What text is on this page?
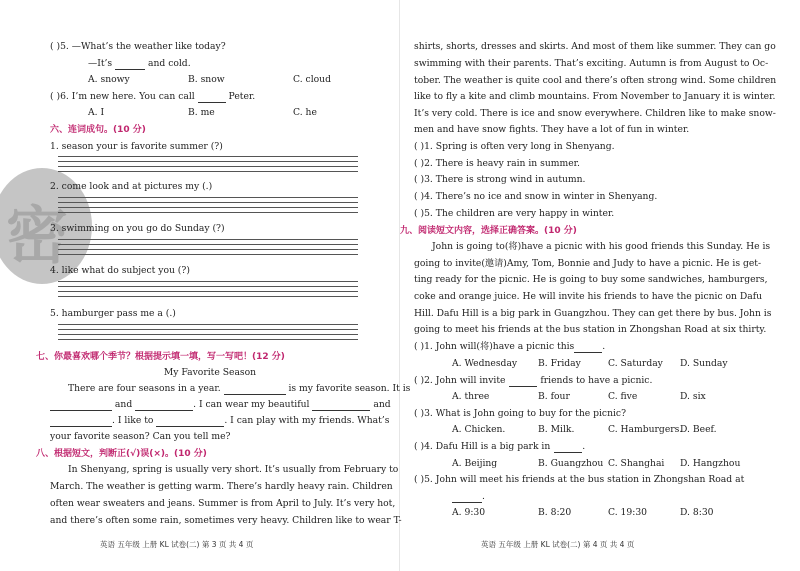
密
( )5. —What’s the weather like today?
—It’s	and cold.
A. snowy	B. snow	C. cloud
( )6. I’m new here. You can call	Peter.
A. I	B. me	C. he
六、连词成句。(10 分)
1. season your is favorite summer (?)
2. come look and at pictures my (.)
3. swimming on you go do Sunday (?)
4. like what do subject you (?)
5. hamburger pass me a (.)
七、你最喜欢哪个季节？根据提示填一填，写一写吧！(12 分)
My Favorite Season
There are four seasons in a year.	is my favorite season. It is
and	. I can wear my beautiful	and
. I like to	. I can play with my friends. What’s
your favorite season? Can you tell me?
八、根据短文，判断正(√)误(×)。(10 分)
In Shenyang, spring is usually very short. It’s usually from February to
March. The weather is getting warm. There’s hardly heavy rain. Children
often wear sweaters and jeans. Summer is from April to July. It’s very hot,
and there’s often some rain, sometimes very heavy. Children like to wear T-
英语 五年级 上册 KL 试卷(二) 第 3 页 共 4 页
shirts, shorts, dresses and skirts. And most of them like summer. They can go
swimming with their parents. That’s exciting. Autumn is from August to Oc-
tober. The weather is quite cool and there’s often strong wind. Some children
like to fly a kite and climb mountains. From November to January it is winter.
It’s very cold. There is ice and snow everywhere. Children like to make snow-
men and have snow fights. They have a lot of fun in winter.
( )1. Spring is often very long in Shenyang.
( )2. There is heavy rain in summer.
( )3. There is strong wind in autumn.
( )4. There’s no ice and snow in winter in Shenyang.
( )5. The children are very happy in winter.
九、阅读短文内容，选择正确答案。(10 分)
John is going to(将)have a picnic with his good friends this Sunday. He is
going to invite(邀请)Amy, Tom, Bonnie and Judy to have a picnic. He is get-
ting ready for the picnic. He is going to buy some sandwiches, hamburgers,
coke and orange juice. He will invite his friends to have the picnic on Dafu
Hill. Dafu Hill is a big park in Guangzhou. They can get there by bus. John is
going to meet his friends at the bus station in Zhongshan Road at six thirty.
( )1. John will(将)have a picnic this	.
A. Wednesday B. Friday	C. Saturday D. Sunday
( )2. John will invite	friends to have a picnic.
A. three	B. four	C. five	D. six
( )3. What is John going to buy for the picnic?
A. Chicken.	B. Milk.	C. Hamburgers.
D. Beef.
( )4. Dafu Hill is a big park in	.
A. Beijing	B. Guangzhou C. Shanghai D. Hangzhou
( )5. John will meet his friends at the bus station in Zhongshan Road at
.
A. 9:30	B. 8:20	C. 19:30	D. 8:30
英语 五年级 上册 KL 试卷(二) 第 4 页 共 4 页
